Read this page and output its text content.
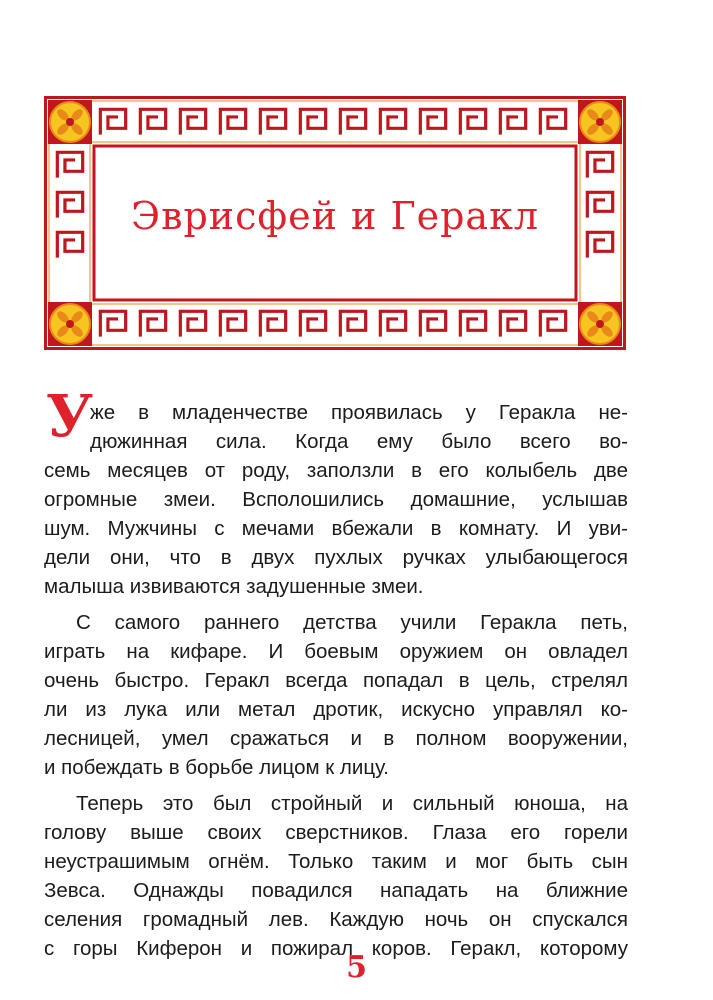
Эврисфей и Геракл
У
же в младенчестве проявилась у Геракла не-
дюжинная сила. Когда ему было всего во-
семь месяцев от роду, заползли в его колыбель две
огромные змеи. Всполошились домашние, услышав
шум. Мужчины с мечами вбежали в комнату. И уви-
дели они, что в двух пухлых ручках улыбающегося
малыша извиваются задушенные змеи.
С самого раннего детства учили Геракла петь,
играть на кифаре. И боевым оружием он овладел
очень быстро. Геракл всегда попадал в цель, стрелял
ли из лука или метал дротик, искусно управлял ко-
лесницей, умел сражаться и в полном вооружении,
и побеждать в борьбе лицом к лицу.
Теперь это был стройный и сильный юноша, на
голову выше своих сверстников. Глаза его горели
неустрашимым огнём. Только таким и мог быть сын
Зевса. Однажды повадился нападать на ближние
селения громадный лев. Каждую ночь он спускался
с горы Киферон и пожирал коров. Геракл, которому
5
